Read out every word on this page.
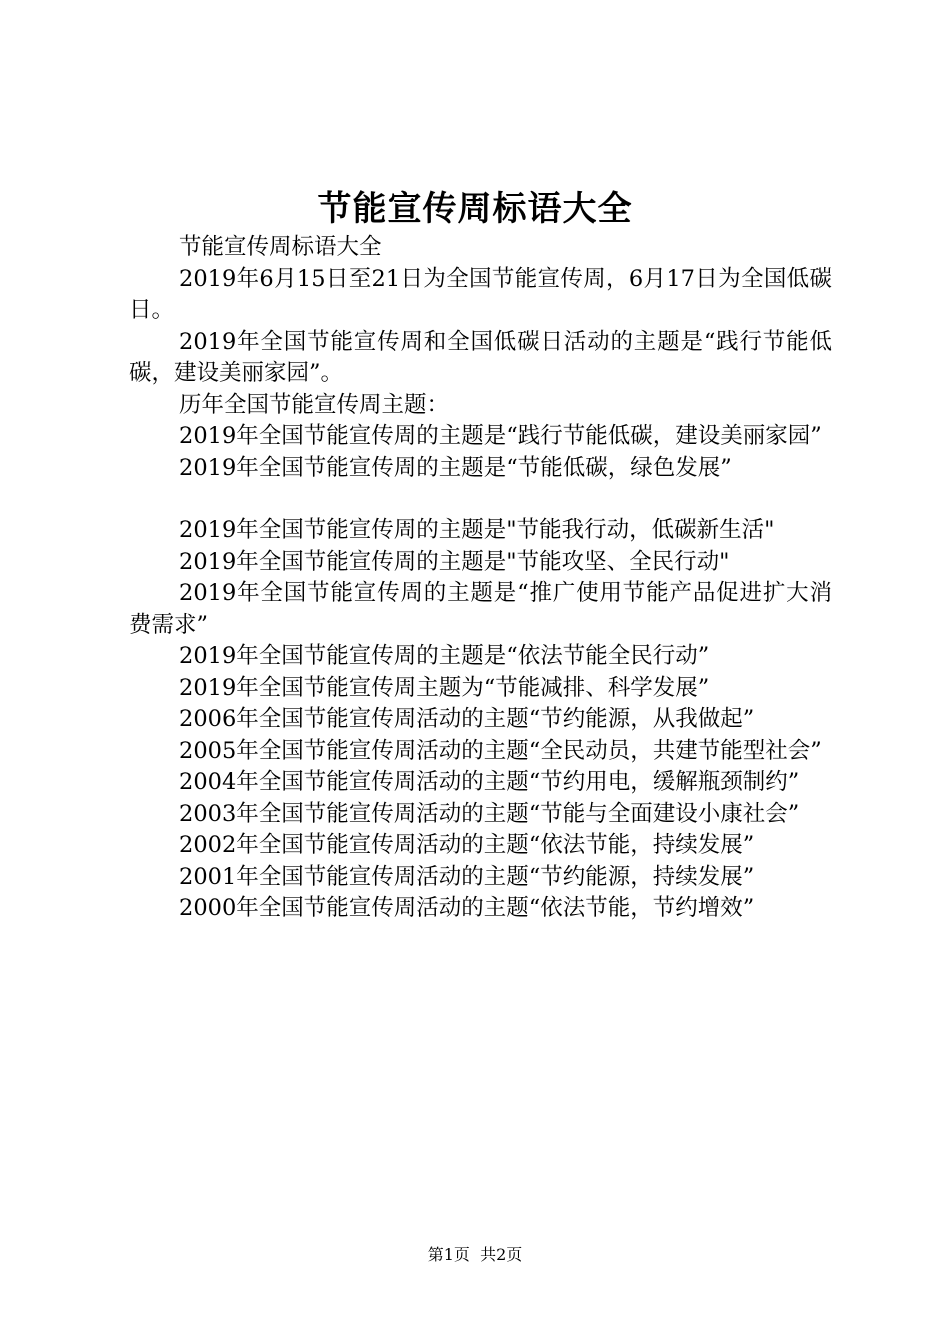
节能宣传周标语大全

节能宣传周标语大全

2019年6月15日至21日为全国节能宣传周，6月17日为全国低碳日。

2019年全国节能宣传周和全国低碳日活动的主题是“践行节能低碳，建设美丽家园”。

历年全国节能宣传周主题：

2019年全国节能宣传周的主题是“践行节能低碳，建设美丽家园”

2019年全国节能宣传周的主题是“节能低碳，绿色发展”

2019年全国节能宣传周的主题是"节能我行动，低碳新生活"

2019年全国节能宣传周的主题是"节能攻坚、全民行动"

2019年全国节能宣传周的主题是“推广使用节能产品促进扩大消费需求”

2019年全国节能宣传周的主题是“依法节能全民行动”

2019年全国节能宣传周主题为“节能减排、科学发展”

2006年全国节能宣传周活动的主题“节约能源，从我做起”

2005年全国节能宣传周活动的主题“全民动员，共建节能型社会”

2004年全国节能宣传周活动的主题“节约用电，缓解瓶颈制约”

2003年全国节能宣传周活动的主题“节能与全面建设小康社会”

2002年全国节能宣传周活动的主题“依法节能，持续发展”

2001年全国节能宣传周活动的主题“节约能源，持续发展”

2000年全国节能宣传周活动的主题“依法节能，节约增效”

第1页 共2页
